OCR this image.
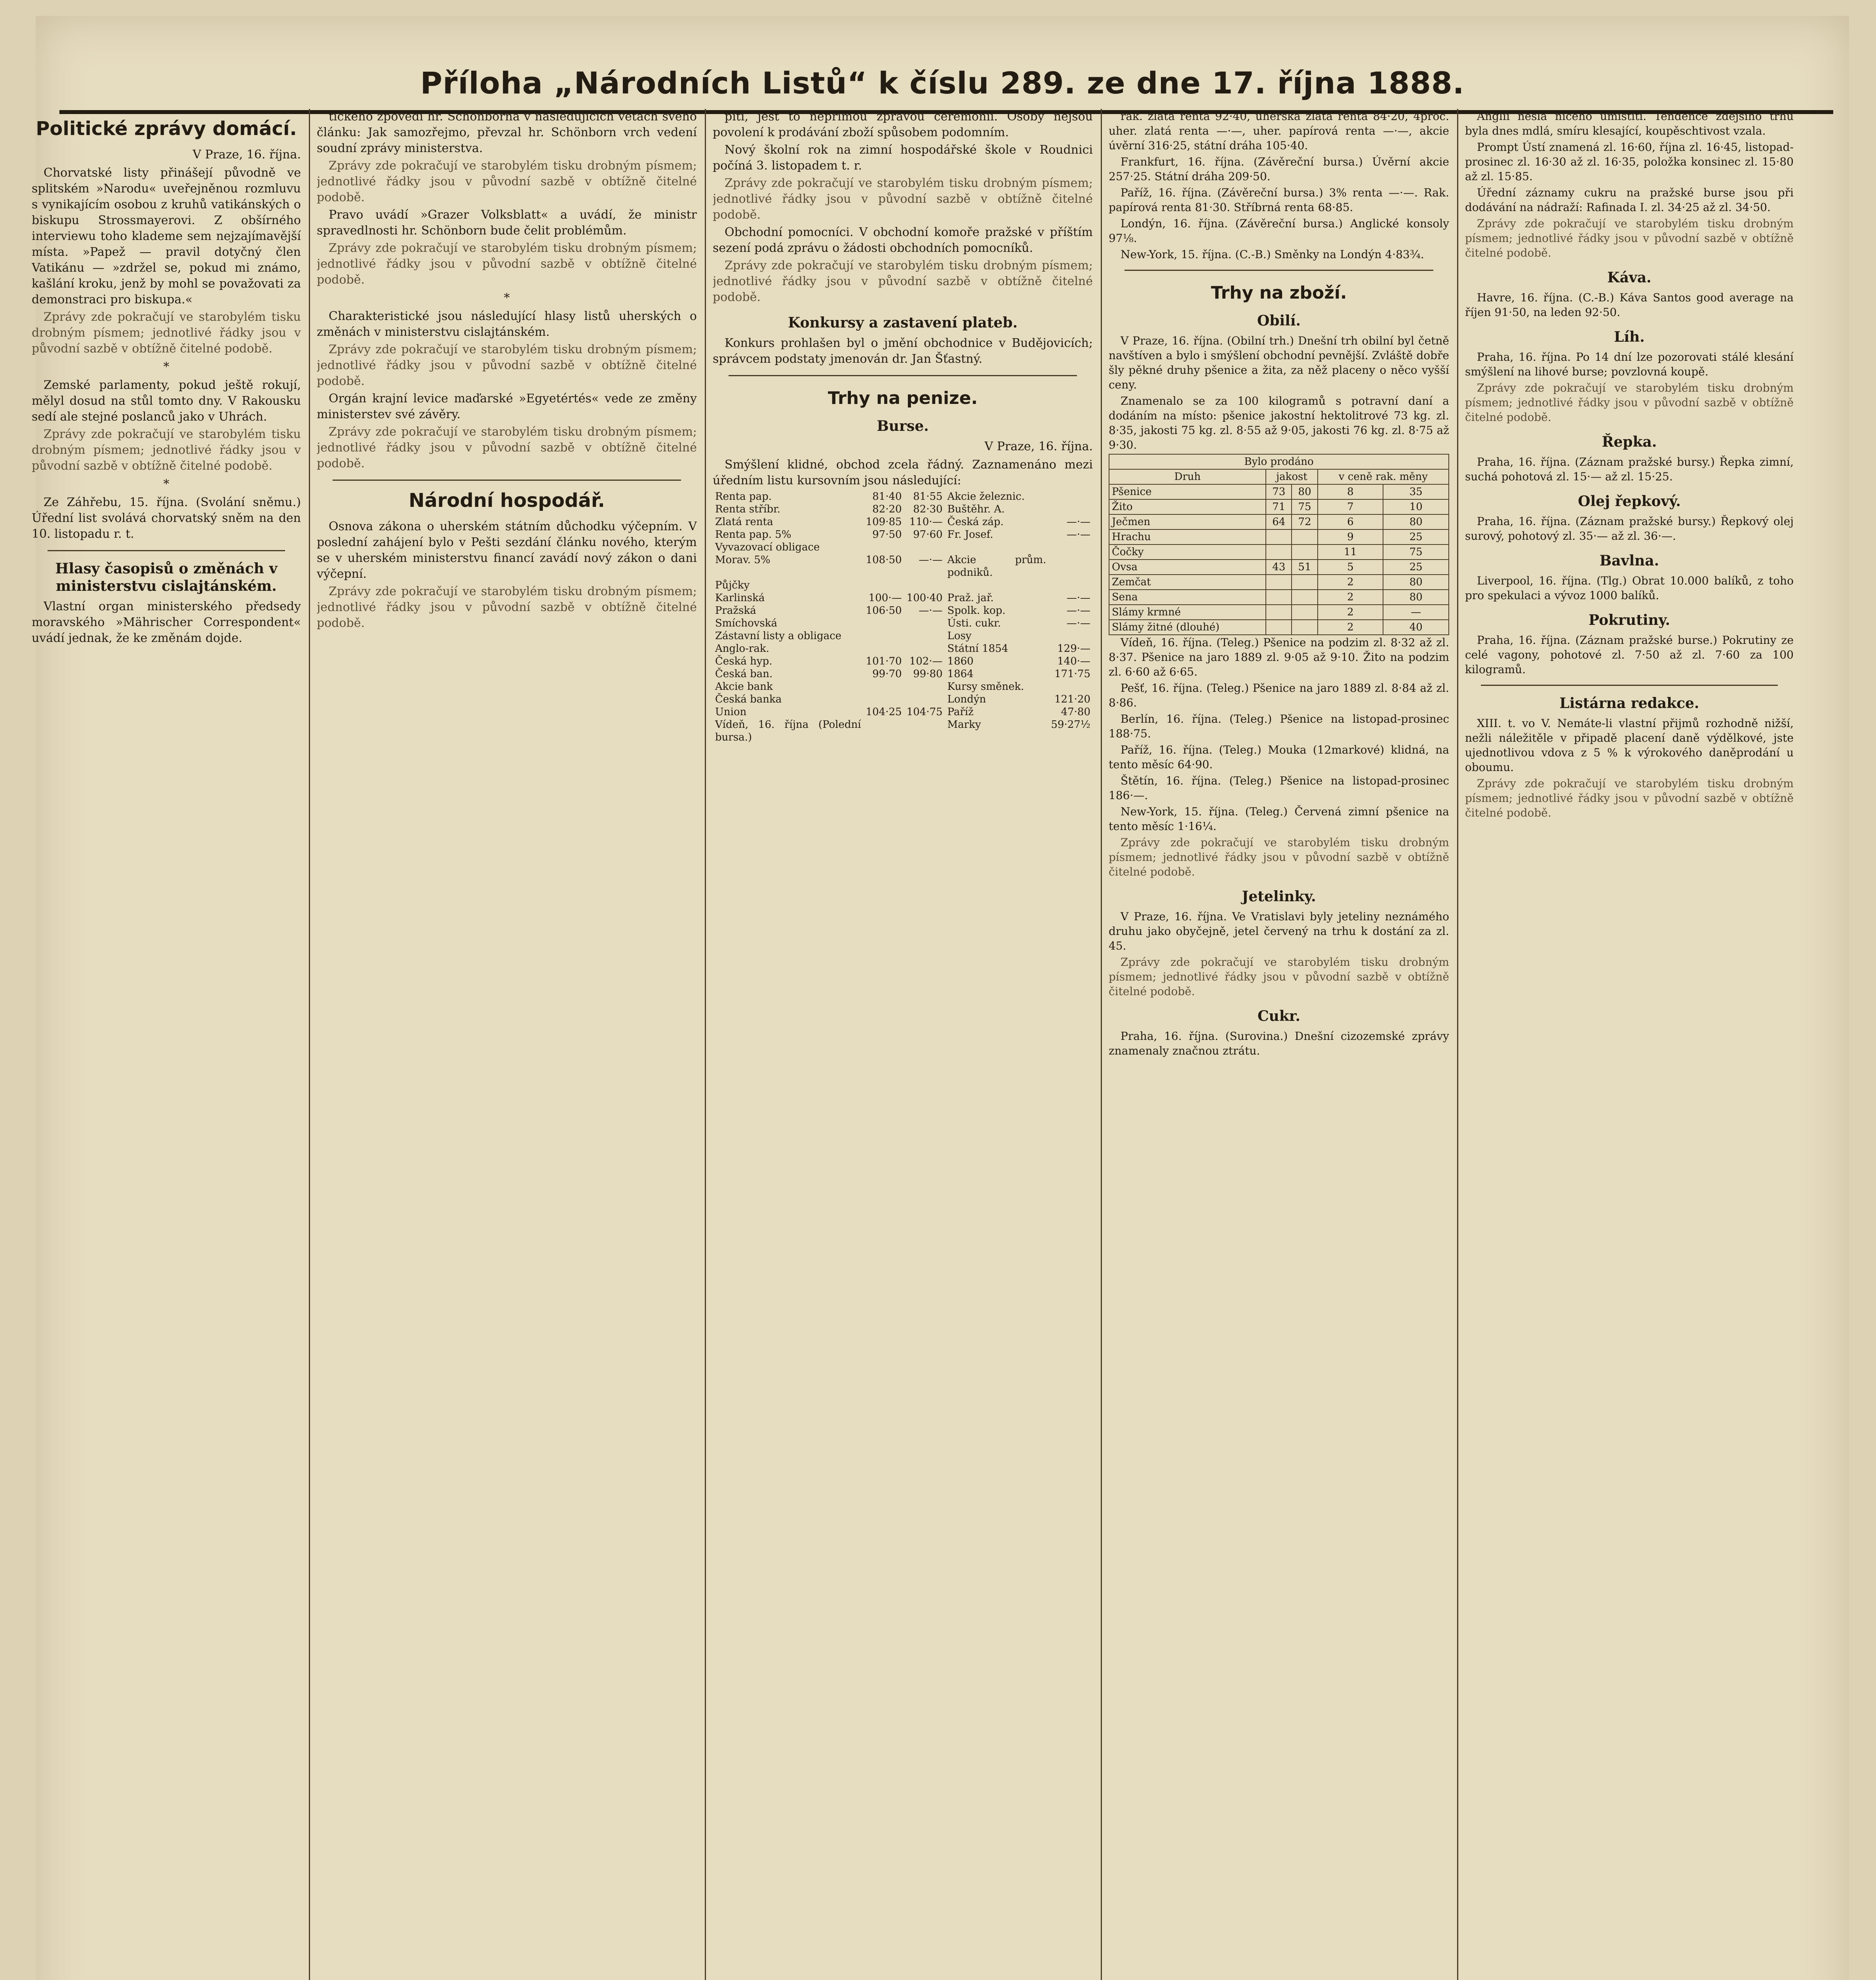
Příloha „Národních Listů“ k číslu 289. ze dne 17. října 1888.
Politické zprávy domácí.
V Praze, 16. října.

Chorvatské listy přinášejí původně ve splitském »Narodu« uveřejněnou rozmluvu s vynikajícím osobou z kruhů vatikánských o biskupu Strossmayerovi. Z obšírného interviewu toho klademe sem nejzajímavější místa. »Papež — pravil dotyčný člen Vatikánu — »zdržel se, pokud mi známo, kašlání kroku, jenž by mohl se považovati za demonstraci pro biskupa.«

Zprávy zde pokračují ve starobylém tisku drobným písmem; jednotlivé řádky jsou v původní sazbě v obtížně čitelné podobě.

*

Zemské parlamenty, pokud ještě rokují, mělyl dosud na stůl tomto dny. V Rakousku sedí ale stejné poslanců jako v Uhrách.

Zprávy zde pokračují ve starobylém tisku drobným písmem; jednotlivé řádky jsou v původní sazbě v obtížně čitelné podobě.

*

Ze Záhřebu, 15. října. (Svolání sněmu.) Úřední list svolává chorvatský sněm na den 10. listopadu r. t.

Hlasy časopisů o změnách v ministerstvu cislajtánském.

Vlastní organ ministerského předsedy moravského »Mährischer Correspondent« uvádí jednak, že ke změnám dojde.

tického zpovědí hr. Schönborna v následujících větách svého článku: Jak samozřejmo, převzal hr. Schönborn vrch vedení soudní zprávy ministerstva.

Zprávy zde pokračují ve starobylém tisku drobným písmem; jednotlivé řádky jsou v původní sazbě v obtížně čitelné podobě.

Pravo uvádí »Grazer Volksblatt« a uvádí, že ministr spravedlnosti hr. Schönborn bude čelit problémům.

Zprávy zde pokračují ve starobylém tisku drobným písmem; jednotlivé řádky jsou v původní sazbě v obtížně čitelné podobě.

*

Charakteristické jsou následující hlasy listů uherských o změnách v ministerstvu cislajtánském.

Zprávy zde pokračují ve starobylém tisku drobným písmem; jednotlivé řádky jsou v původní sazbě v obtížně čitelné podobě.

Orgán krajní levice maďarské »Egyetértés« vede ze změny ministerstev své závěry.

Zprávy zde pokračují ve starobylém tisku drobným písmem; jednotlivé řádky jsou v původní sazbě v obtížně čitelné podobě.

Národní hospodář.

Osnova zákona o uherském státním důchodku výčepním. V poslední zahájení bylo v Pešti sezdání článku nového, kterým se v uherském ministerstvu financí zavádí nový zákon o dani výčepní.

Zprávy zde pokračují ve starobylém tisku drobným písmem; jednotlivé řádky jsou v původní sazbě v obtížně čitelné podobě.

piti, jest to nepřímou zpravou ceremonii. Osoby nejsou povolení k prodávání zboží spůsobem podomním.

Nový školní rok na zimní hospodářské škole v Roudnici počíná 3. listopadem t. r.

Zprávy zde pokračují ve starobylém tisku drobným písmem; jednotlivé řádky jsou v původní sazbě v obtížně čitelné podobě.

Obchodní pomocníci. V obchodní komoře pražské v příštím sezení podá zprávu o žádosti obchodních pomocníků.

Zprávy zde pokračují ve starobylém tisku drobným písmem; jednotlivé řádky jsou v původní sazbě v obtížně čitelné podobě.

Konkursy a zastavení plateb.

Konkurs prohlašen byl o jmění obchodnice v Budějovicích; správcem podstaty jmenován dr. Jan Šťastný.

Trhy na penize.
Burse.
V Praze, 16. října.

Smýšlení klidné, obchod zcela řádný. Zaznamenáno mezi úředním listu kursovním jsou následující:

Renta pap.	81·40	81·55	Akcie železnic.	
Renta stříbr.	82·20	82·30	Buštěhr. A.	
Zlatá renta	109·85	110·—	Česká záp.	—·—
Renta pap. 5%	97·50	97·60	Fr. Josef.	—·—
Vyvazovací obligace				
Morav. 5%	108·50	—·—	Akcie prům. podniků.	
Půjčky				
Karlinská	100·—	100·40	Praž. jař.	—·—
Pražská	106·50	—·—	Spolk. kop.	—·—
Smíchovská			Ústi. cukr.	—·—
Zástavní listy a obligace			Losy	
Anglo-rak.			Státní 1854	129·—
Česká hyp.	101·70	102·—	1860	140·—
Česká ban.	99·70	99·80	1864	171·75
Akcie bank			Kursy směnek.	
Česká banka			Londýn	121·20
Union	104·25	104·75	Paříž	47·80
Vídeň, 16. října (Polední bursa.)			Marky	59·27½

rak. zlatá renta 92·40, uherská zlatá renta 84·20, 4proc. uher. zlatá renta —·—, uher. papírová renta —·—, akcie úvěrní 316·25, státní dráha 105·40.

Frankfurt, 16. října. (Závěreční bursa.) Úvěrní akcie 257·25. Státní dráha 209·50.

Paříž, 16. října. (Závěreční bursa.) 3% renta —·—. Rak. papírová renta 81·30. Stříbrná renta 68·85.

Londýn, 16. října. (Závěreční bursa.) Anglické konsoly 97⅛.

New-York, 15. října. (C.-B.) Směnky na Londýn 4·83¾.

Trhy na zboží.
Obilí.

V Praze, 16. října. (Obilní trh.) Dnešní trh obilní byl četně navštíven a bylo i smýšlení obchodní pevnější. Zvláště dobře šly pěkné druhy pšenice a žita, za něž placeny o něco vyšší ceny.

Znamenalo se za 100 kilogramů s potravní daní a dodáním na místo: pšenice jakostní hektolitrové 73 kg. zl. 8·35, jakosti 75 kg. zl. 8·55 až 9·05, jakosti 76 kg. zl. 8·75 až 9·30.

Bylo prodáno				
Druh	jakost		v ceně rak. měny	
Pšenice	73	80	8	35
Žito	71	75	7	10
Ječmen	64	72	6	80
Hrachu			9	25
Čočky			11	75
Ovsa	43	51	5	25
Zemčat			2	80
Sena			2	80
Slámy krmné			2	—
Slámy žitné (dlouhé)			2	40

Vídeň, 16. října. (Teleg.) Pšenice na podzim zl. 8·32 až zl. 8·37. Pšenice na jaro 1889 zl. 9·05 až 9·10. Žito na podzim zl. 6·60 až 6·65.

Pešť, 16. října. (Teleg.) Pšenice na jaro 1889 zl. 8·84 až zl. 8·86.

Berlín, 16. října. (Teleg.) Pšenice na listopad-prosinec 188·75.

Paříž, 16. října. (Teleg.) Mouka (12markové) klidná, na tento měsíc 64·90.

Štětín, 16. října. (Teleg.) Pšenice na listopad-prosinec 186·—.

New-York, 15. října. (Teleg.) Červená zimní pšenice na tento měsíc 1·16¼.

Zprávy zde pokračují ve starobylém tisku drobným písmem; jednotlivé řádky jsou v původní sazbě v obtížně čitelné podobě.

Jetelinky.

V Praze, 16. října. Ve Vratislavi byly jeteliny neznámého druhu jako obyčejně, jetel červený na trhu k dostání za zl. 45.

Zprávy zde pokračují ve starobylém tisku drobným písmem; jednotlivé řádky jsou v původní sazbě v obtížně čitelné podobě.

Cukr.

Praha, 16. října. (Surovina.) Dnešní cizozemské zprávy znamenaly značnou ztrátu.

Anglii nešla ničeho umístiti. Tendence zdejšího trhu byla dnes mdlá, smíru klesající, koupěschtivost vzala.

Prompt Ústí znamená zl. 16·60, října zl. 16·45, listopad-prosinec zl. 16·30 až zl. 16·35, položka konsinec zl. 15·80 až zl. 15·85.

Úřední záznamy cukru na pražské burse jsou při dodávání na nádraží: Rafinada I. zl. 34·25 až zl. 34·50.

Zprávy zde pokračují ve starobylém tisku drobným písmem; jednotlivé řádky jsou v původní sazbě v obtížně čitelné podobě.

Káva.

Havre, 16. října. (C.-B.) Káva Santos good average na říjen 91·50, na leden 92·50.

Líh.

Praha, 16. října. Po 14 dní lze pozorovati stálé klesání smýšlení na lihové burse; povzlovná koupě.

Zprávy zde pokračují ve starobylém tisku drobným písmem; jednotlivé řádky jsou v původní sazbě v obtížně čitelné podobě.

Řepka.

Praha, 16. října. (Záznam pražské bursy.) Řepka zimní, suchá pohotová zl. 15·— až zl. 15·25.

Olej řepkový.

Praha, 16. října. (Záznam pražské bursy.) Řepkový olej surový, pohotový zl. 35·— až zl. 36·—.

Bavlna.

Liverpool, 16. října. (Tlg.) Obrat 10.000 balíků, z toho pro spekulaci a vývoz 1000 balíků.

Pokrutiny.

Praha, 16. října. (Záznam pražské burse.) Pokrutiny ze celé vagony, pohotové zl. 7·50 až zl. 7·60 za 100 kilogramů.

Listárna redakce.

XIII. t. vo V. Nemáte-li vlastní přijmů rozhodně nižší, nežli náležitěle v připadě placení daně výdělkové, jste ujednotlivou vdova z 5 % k výrokového daněprodání u oboumu.

Zprávy zde pokračují ve starobylém tisku drobným písmem; jednotlivé řádky jsou v původní sazbě v obtížně čitelné podobě.
